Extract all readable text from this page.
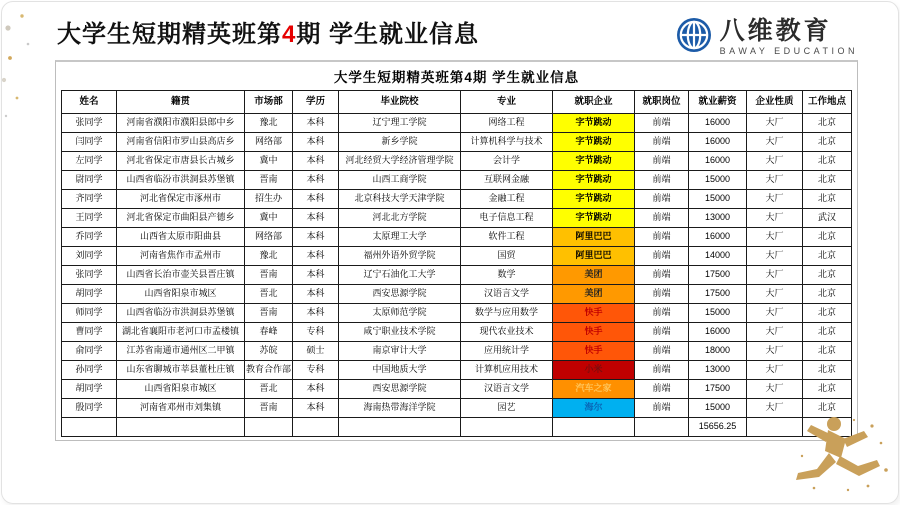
大学生短期精英班第4期 学生就业信息	八维教育
BAWAY EDUCATION
大学生短期精英班第4期 学生就业信息
姓名	籍贯	市场部	学历	毕业院校	专业	就职企业	就职岗位	就业薪资	企业性质	工作地点
张同学	河南省濮阳市濮阳县郎中乡	豫北	本科	辽宁理工学院	网络工程	字节跳动	前端	16000	大厂	北京
闫同学	河南省信阳市罗山县高店乡	网络部	本科	新乡学院	计算机科学与技术	字节跳动	前端	16000	大厂	北京
左同学	河北省保定市唐县长古城乡	冀中	本科	河北经贸大学经济管理学院	会计学	字节跳动	前端	16000	大厂	北京
尉同学	山西省临汾市洪洞县苏堡镇	晋南	本科	山西工商学院	互联网金融	字节跳动	前端	15000	大厂	北京
齐同学	河北省保定市涿州市	招生办	本科	北京科技大学天津学院	金融工程	字节跳动	前端	15000	大厂	北京
王同学	河北省保定市曲阳县产德乡	冀中	本科	河北北方学院	电子信息工程	字节跳动	前端	13000	大厂	武汉
乔同学	山西省太原市阳曲县	网络部	本科	太原理工大学	软件工程	阿里巴巴	前端	16000	大厂	北京
刘同学	河南省焦作市孟州市	豫北	本科	福州外语外贸学院	国贸	阿里巴巴	前端	14000	大厂	北京
张同学	山西省长治市壶关县晋庄镇	晋南	本科	辽宁石油化工大学	数学	美团	前端	17500	大厂	北京
胡同学	山西省阳泉市城区	晋北	本科	西安思源学院	汉语言文学	美团	前端	17500	大厂	北京
师同学	山西省临汾市洪洞县苏堡镇	晋南	本科	太原师范学院	数学与应用数学	快手	前端	15000	大厂	北京
曹同学	湖北省襄阳市老河口市孟楼镇	春峰	专科	咸宁职业技术学院	现代农业技术	快手	前端	16000	大厂	北京
俞同学	江苏省南通市通州区二甲镇	苏皖	硕士	南京审计大学	应用统计学	快手	前端	18000	大厂	北京
孙同学	山东省聊城市莘县董杜庄镇	教育合作部	专科	中国地质大学	计算机应用技术	小米	前端	13000	大厂	北京
胡同学	山西省阳泉市城区	晋北	本科	西安思源学院	汉语言文学	汽车之家	前端	17500	大厂	北京
殷同学	河南省邓州市刘集镇	晋南	本科	海南热带海洋学院	园艺	海尔	前端	15000	大厂	北京
								15656.25		
